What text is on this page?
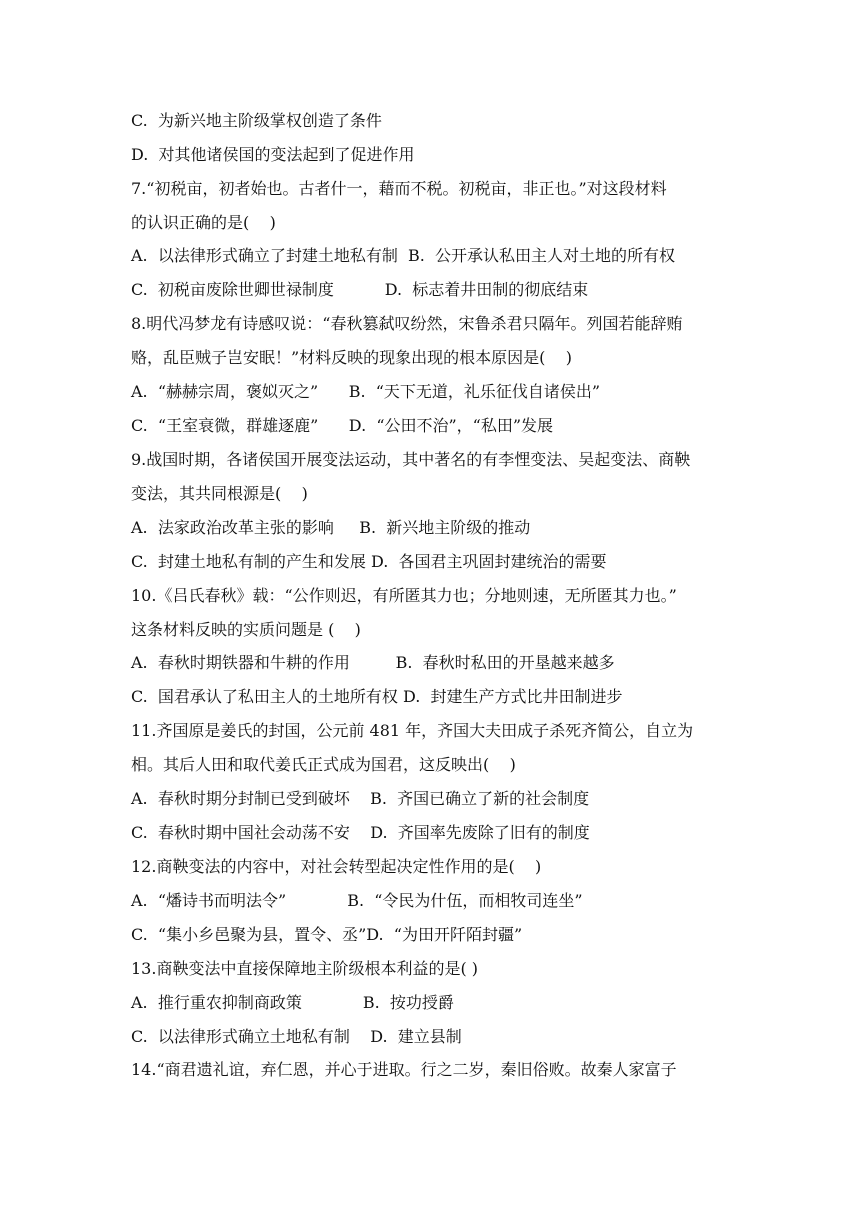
C.  为新兴地主阶级掌权创造了条件
D.  对其他诸侯国的变法起到了促进作用
7.“初税亩，初者始也。古者什一，藉而不税。初税亩，非正也。”对这段材料
的认识正确的是(    )
A.  以法律形式确立了封建土地私有制  B.  公开承认私田主人对土地的所有权
C.  初税亩废除世卿世禄制度          D.  标志着井田制的彻底结束
8.明代冯梦龙有诗感叹说：“春秋篡弑叹纷然，宋鲁杀君只隔年。列国若能辞贿
赂，乱臣贼子岂安眠！”材料反映的现象出现的根本原因是(    )
A.  “赫赫宗周，褒姒灭之”      B.  “天下无道，礼乐征伐自诸侯出”
C.  “王室衰微，群雄逐鹿”      D.  “公田不治”，“私田”发展
9.战国时期，各诸侯国开展变法运动，其中著名的有李悝变法、吴起变法、商鞅
变法，其共同根源是(    )
A.  法家政治改革主张的影响     B.  新兴地主阶级的推动
C.  封建土地私有制的产生和发展 D.  各国君主巩固封建统治的需要
10.《吕氏春秋》载：“公作则迟，有所匿其力也；分地则速，无所匿其力也。”
这条材料反映的实质问题是 (    )
A.  春秋时期铁器和牛耕的作用         B.  春秋时私田的开垦越来越多
C.  国君承认了私田主人的土地所有权 D.  封建生产方式比井田制进步
11.齐国原是姜氏的封国，公元前 481 年，齐国大夫田成子杀死齐简公，自立为
相。其后人田和取代姜氏正式成为国君，这反映出(    )
A.  春秋时期分封制已受到破坏    B.  齐国已确立了新的社会制度
C.  春秋时期中国社会动荡不安    D.  齐国率先废除了旧有的制度
12.商鞅变法的内容中，对社会转型起决定性作用的是(    )
A.  “燔诗书而明法令”            B.  “令民为什伍，而相牧司连坐”
C.  “集小乡邑聚为县，置令、丞”D.  “为田开阡陌封疆”
13.商鞅变法中直接保障地主阶级根本利益的是( )
A.  推行重农抑制商政策            B.  按功授爵
C.  以法律形式确立土地私有制    D.  建立县制
14.“商君遗礼谊，弃仁恩，并心于进取。行之二岁，秦旧俗败。故秦人家富子
